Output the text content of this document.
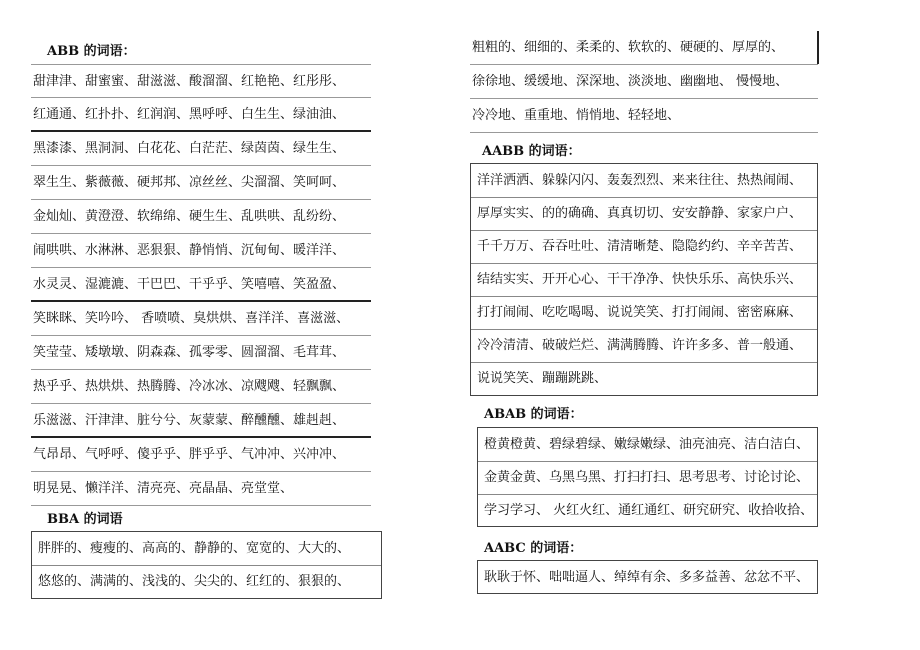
ABB 的词语：
甜津津、甜蜜蜜、甜滋滋、酸溜溜、红艳艳、红彤彤、
红通通、红扑扑、红润润、黑呼呼、白生生、绿油油、
黑漆漆、黑洞洞、白花花、白茫茫、绿茵茵、绿生生、
翠生生、紫薇薇、硬邦邦、凉丝丝、尖溜溜、笑呵呵、
金灿灿、黄澄澄、软绵绵、硬生生、乱哄哄、乱纷纷、
闹哄哄、水淋淋、恶狠狠、静悄悄、沉甸甸、暖洋洋、
水灵灵、湿漉漉、干巴巴、干乎乎、笑嘻嘻、笑盈盈、
笑眯眯、笑吟吟、 香喷喷、臭烘烘、喜洋洋、喜滋滋、
笑莹莹、矮墩墩、阴森森、孤零零、圆溜溜、毛茸茸、
热乎乎、热烘烘、热腾腾、冷冰冰、凉飕飕、轻飘飘、
乐滋滋、汗津津、脏兮兮、灰蒙蒙、醉醺醺、雄赳赳、
气昂昂、气呼呼、傻乎乎、胖乎乎、气冲冲、兴冲冲、
明晃晃、懒洋洋、清亮亮、亮晶晶、亮堂堂、
BBA 的词语
胖胖的、瘦瘦的、高高的、静静的、宽宽的、大大的、
悠悠的、满满的、浅浅的、尖尖的、红红的、狠狠的、
粗粗的、细细的、柔柔的、软软的、硬硬的、厚厚的、
徐徐地、缓缓地、深深地、淡淡地、幽幽地、 慢慢地、
冷冷地、重重地、悄悄地、轻轻地、
AABB 的词语：
洋洋洒洒、躲躲闪闪、轰轰烈烈、来来往往、热热闹闹、
厚厚实实、的的确确、真真切切、安安静静、家家户户、
千千万万、吞吞吐吐、清清晰楚、隐隐约约、辛辛苦苦、
结结实实、开开心心、干干净净、快快乐乐、高快乐兴、
打打闹闹、吃吃喝喝、说说笑笑、打打闹闹、密密麻麻、
冷冷清清、破破烂烂、满满腾腾、许许多多、普一般通、
说说笑笑、蹦蹦跳跳、
ABAB 的词语：
橙黄橙黄、碧绿碧绿、嫩绿嫩绿、油亮油亮、洁白洁白、
金黄金黄、乌黑乌黑、打扫打扫、思考思考、讨论讨论、
学习学习、 火红火红、通红通红、研究研究、收拾收拾、
AABC 的词语：
耿耿于怀、咄咄逼人、绰绰有余、多多益善、忿忿不平、
